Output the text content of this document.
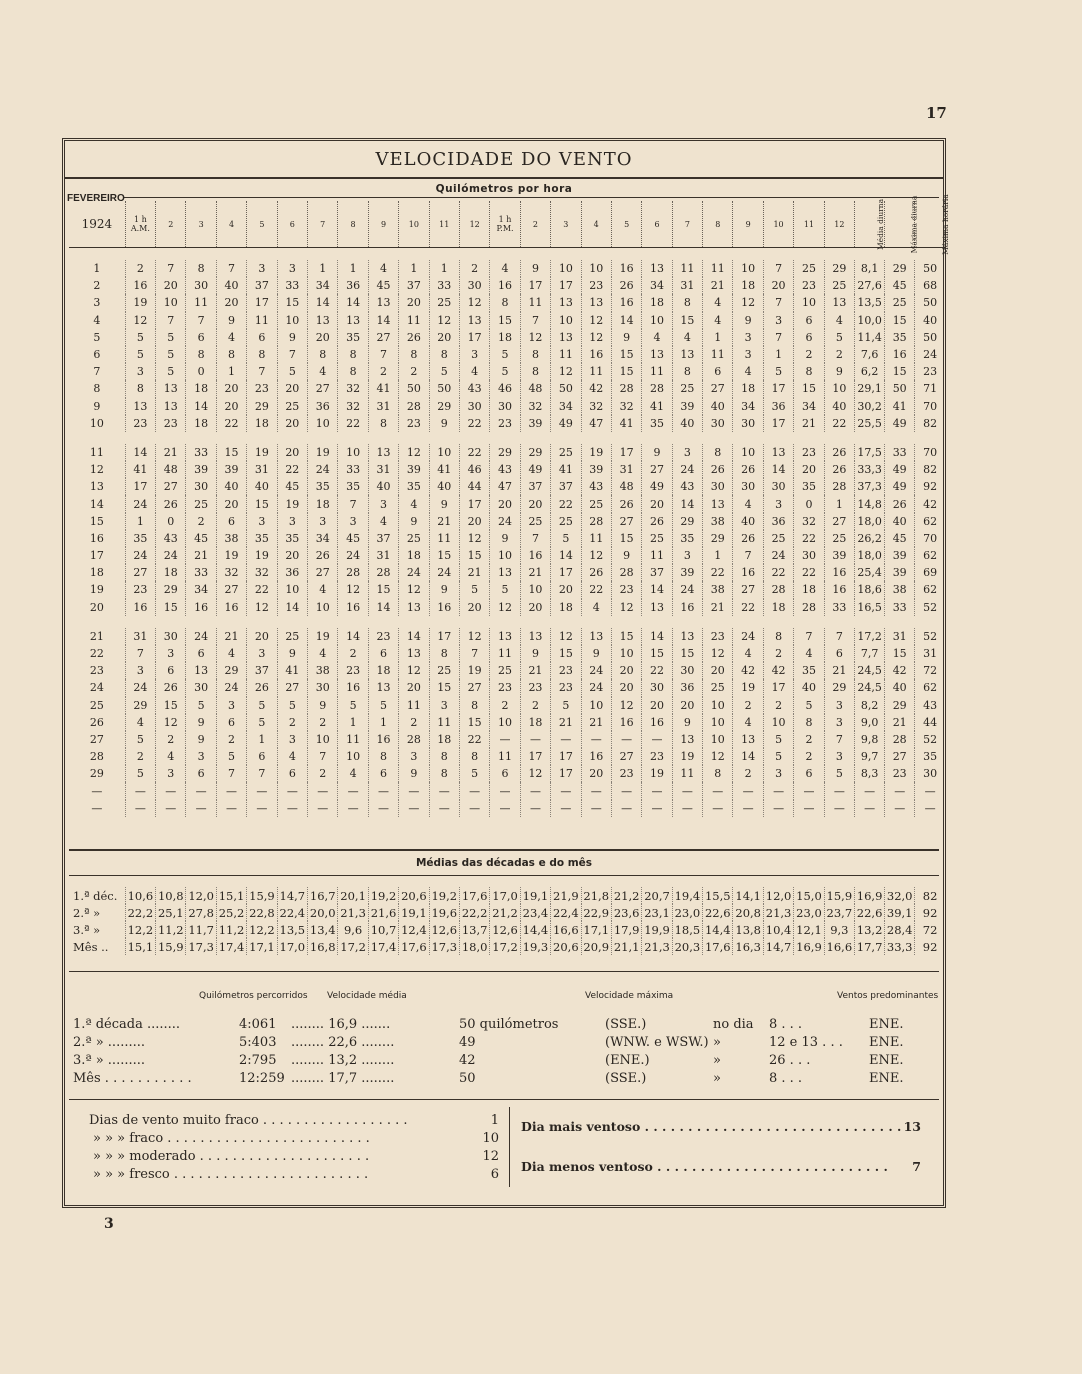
17
VELOCIDADE DO VENTO
Quilómetros por hora
FEVEREIRO
1924	1 h A.M.	2	3	4	5	6	7	8	9	10	11	12	1 h P.M.	2	3	4	5	6	7	8	9	10	11	12	Média diurna	Máxima diurna	Máxima horária

1	2	7	8	7	3	3	1	1	4	1	1	2	4	9	10	10	16	13	11	11	10	7	25	29	8,1	29	50
2	16	20	30	40	37	33	34	36	45	37	33	30	16	17	17	23	26	34	31	21	18	20	23	25	27,6	45	68
3	19	10	11	20	17	15	14	14	13	20	25	12	8	11	13	13	16	18	8	4	12	7	10	13	13,5	25	50
4	12	7	7	9	11	10	13	13	14	11	12	13	15	7	10	12	14	10	15	4	9	3	6	4	10,0	15	40
5	5	5	6	4	6	9	20	35	27	26	20	17	18	12	13	12	9	4	4	1	3	7	6	5	11,4	35	50
6	5	5	8	8	8	7	8	8	7	8	8	3	5	8	11	16	15	13	13	11	3	1	2	2	7,6	16	24
7	3	5	0	1	7	5	4	8	2	2	5	4	5	8	12	11	15	11	8	6	4	5	8	9	6,2	15	23
8	8	13	18	20	23	20	27	32	41	50	50	43	46	48	50	42	28	28	25	27	18	17	15	10	29,1	50	71
9	13	13	14	20	29	25	36	32	31	28	29	30	30	32	34	32	32	41	39	40	34	36	34	40	30,2	41	70
10	23	23	18	22	18	20	10	22	8	23	9	22	23	39	49	47	41	35	40	30	30	17	21	22	25,5	49	82

11	14	21	33	15	19	20	19	10	13	12	10	22	29	29	25	19	17	9	3	8	10	13	23	26	17,5	33	70
12	41	48	39	39	31	22	24	33	31	39	41	46	43	49	41	39	31	27	24	26	26	14	20	26	33,3	49	82
13	17	27	30	40	40	45	35	35	40	35	40	44	47	37	37	43	48	49	43	30	30	30	35	28	37,3	49	92
14	24	26	25	20	15	19	18	7	3	4	9	17	20	20	22	25	26	20	14	13	4	3	0	1	14,8	26	42
15	1	0	2	6	3	3	3	3	4	9	21	20	24	25	25	28	27	26	29	38	40	36	32	27	18,0	40	62
16	35	43	45	38	35	35	34	45	37	25	11	12	9	7	5	11	15	25	35	29	26	25	22	25	26,2	45	70
17	24	24	21	19	19	20	26	24	31	18	15	15	10	16	14	12	9	11	3	1	7	24	30	39	18,0	39	62
18	27	18	33	32	32	36	27	28	28	24	24	21	13	21	17	26	28	37	39	22	16	22	22	16	25,4	39	69
19	23	29	34	27	22	10	4	12	15	12	9	5	5	10	20	22	23	14	24	38	27	28	18	16	18,6	38	62
20	16	15	16	16	12	14	10	16	14	13	16	20	12	20	18	4	12	13	16	21	22	18	28	33	16,5	33	52

21	31	30	24	21	20	25	19	14	23	14	17	12	13	13	12	13	15	14	13	23	24	8	7	7	17,2	31	52
22	7	3	6	4	3	9	4	2	6	13	8	7	11	9	15	9	10	15	15	12	4	2	4	6	7,7	15	31
23	3	6	13	29	37	41	38	23	18	12	25	19	25	21	23	24	20	22	30	20	42	42	35	21	24,5	42	72
24	24	26	30	24	26	27	30	16	13	20	15	27	23	23	23	24	20	30	36	25	19	17	40	29	24,5	40	62
25	29	15	5	3	5	5	9	5	5	11	3	8	2	2	5	10	12	20	20	10	2	2	5	3	8,2	29	43
26	4	12	9	6	5	2	2	1	1	2	11	15	10	18	21	21	16	16	9	10	4	10	8	3	9,0	21	44
27	5	2	9	2	1	3	10	11	16	28	18	22	—	—	—	—	—	—	13	10	13	5	2	7	9,8	28	52
28	2	4	3	5	6	4	7	10	8	3	8	8	11	17	17	16	27	23	19	12	14	5	2	3	9,7	27	35
29	5	3	6	7	7	6	2	4	6	9	8	5	6	12	17	20	23	19	11	8	2	3	6	5	8,3	23	30
—	—	—	—	—	—	—	—	—	—	—	—	—	—	—	—	—	—	—	—	—	—	—	—	—	—	—	—
—	—	—	—	—	—	—	—	—	—	—	—	—	—	—	—	—	—	—	—	—	—	—	—	—	—	—	—
Médias das décadas e do mês
1.ª déc.	10,6	10,8	12,0	15,1	15,9	14,7	16,7	20,1	19,2	20,6	19,2	17,6	17,0	19,1	21,9	21,8	21,2	20,7	19,4	15,5	14,1	12,0	15,0	15,9	16,9	32,0	82
2.ª »	22,2	25,1	27,8	25,2	22,8	22,4	20,0	21,3	21,6	19,1	19,6	22,2	21,2	23,4	22,4	22,9	23,6	23,1	23,0	22,6	20,8	21,3	23,0	23,7	22,6	39,1	92
3.ª »	12,2	11,2	11,7	11,2	12,2	13,5	13,4	9,6	10,7	12,4	12,6	13,7	12,6	14,4	16,6	17,1	17,9	19,9	18,5	14,4	13,8	10,4	12,1	9,3	13,2	28,4	72
Mês ..	15,1	15,9	17,3	17,4	17,1	17,0	16,8	17,2	17,4	17,6	17,3	18,0	17,2	19,3	20,6	20,9	21,1	21,3	20,3	17,6	16,3	14,7	16,9	16,6	17,7	33,3	92
Quilómetros percorridos Velocidade média	Velocidade máxima	Ventos predominantes
1.ª década ........	4:061 ........ 16,9 .......	50 quilómetros	(SSE.)	no dia 8 . . .	ENE.
2.ª » .........	5:403 ........ 22,6 ........	49	(WNW. e WSW.) »	12 e 13 . . . ENE.
3.ª » .........	2:795 ........ 13,2 ........	42	(ENE.)	»	26 . . .	ENE.
Mês . . . . . . . . . . .	12:259 ........ 17,7 ........	50	(SSE.)	»	8 . . .	ENE.
Dias de vento muito fraco . . . . . . . . . . . . . . . . . .	1
» » » fraco . . . . . . . . . . . . . . . . . . . . . . . . .	10
» » » moderado . . . . . . . . . . . . . . . . . . . . .	12
» » » fresco . . . . . . . . . . . . . . . . . . . . . . . .	6
Dia mais ventoso . . . . . . . . . . . . . . . . . . . . . . . . . . . . . . 13
Dia menos ventoso . . . . . . . . . . . . . . . . . . . . . . . . . . . 7
3
